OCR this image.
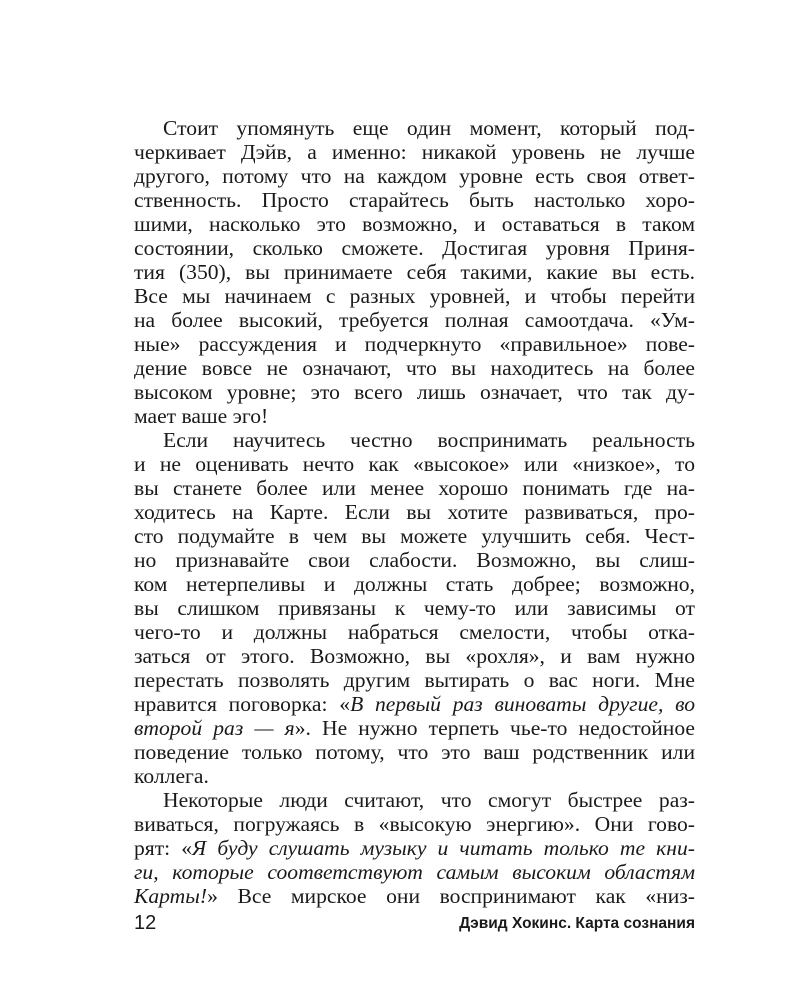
Стоит упомянуть еще один момент, который под-
черкивает Дэйв, а именно: никакой уровень не лучше
другого, потому что на каждом уровне есть своя ответ-
ственность. Просто старайтесь быть настолько хоро-
шими, насколько это возможно, и оставаться в таком
состоянии, сколько сможете. Достигая уровня Приня-
тия (350), вы принимаете себя такими, какие вы есть.
Все мы начинаем с разных уровней, и чтобы перейти
на более высокий, требуется полная самоотдача. «Ум-
ные» рассуждения и подчеркнуто «правильное» пове-
дение вовсе не означают, что вы находитесь на более
высоком уровне; это всего лишь означает, что так ду-
мает ваше эго!
Если научитесь честно воспринимать реальность
и не оценивать нечто как «высокое» или «низкое», то
вы станете более или менее хорошо понимать где на-
ходитесь на Карте. Если вы хотите развиваться, про-
сто подумайте в чем вы можете улучшить себя. Чест-
но признавайте свои слабости. Возможно, вы слиш-
ком нетерпеливы и должны стать добрее; возможно,
вы слишком привязаны к чему-то или зависимы от
чего-то и должны набраться смелости, чтобы отка-
заться от этого. Возможно, вы «рохля», и вам нужно
перестать позволять другим вытирать о вас ноги. Мне
нравится поговорка: «В первый раз виноваты другие, во
второй раз — я». Не нужно терпеть чье-то недостойное
поведение только потому, что это ваш родственник или
коллега.
Некоторые люди считают, что смогут быстрее раз-
виваться, погружаясь в «высокую энергию». Они гово-
рят: «Я буду слушать музыку и читать только те кни-
ги, которые соответствуют самым высоким областям
Карты!» Все мирское они воспринимают как «низ-
12	Дэвид Хокинс. Карта сознания
